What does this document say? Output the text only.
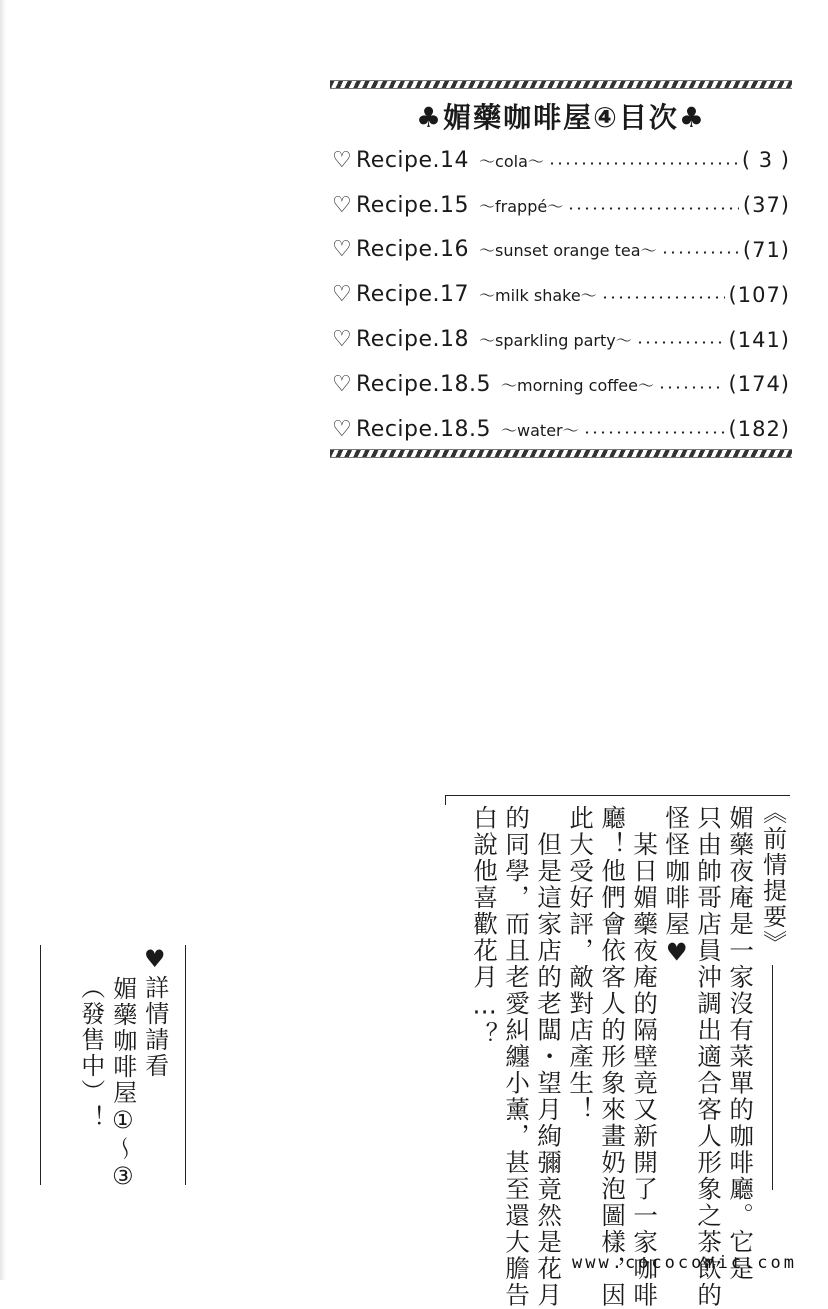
♣媚藥咖啡屋④目次♣
♡ Recipe.14 ～cola～	( 3 )
♡ Recipe.15 ～frappé～	(37)
♡ Recipe.16 ～sunset orange tea～	(71)
♡ Recipe.17 ～milk shake～	(107)
♡ Recipe.18 ～sparkling party～	(141)
♡ Recipe.18.5 ～morning coffee～	(174)
♡ Recipe.18.5 ～water～	(182)
《前情提要》
媚藥夜庵是一家沒有菜單的咖啡廳。它是
只由帥哥店員沖調出適合客人形象之茶飲的
怪怪咖啡屋♥
　某日媚藥夜庵的隔壁竟又新開了一家咖啡
廳！他們會依客人的形象來畫奶泡圖樣，因
此大受好評，敵對店產生！
　但是這家店的老闆・望月絢彌竟然是花月
的同學，而且老愛糾纏小薰，甚至還大膽告
白說他喜歡花月…？
♥詳情請看
　媚藥咖啡屋①～③
（發售中）！
www.cococomic.com
